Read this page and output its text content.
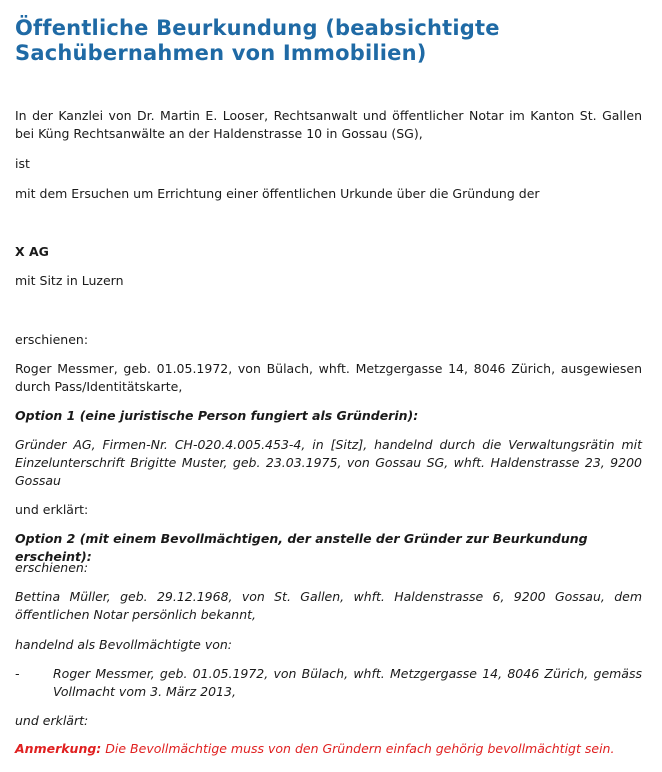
Öffentliche Beurkundung (beabsichtigte Sachübernahmen von Immobilien)

In der Kanzlei von Dr. Martin E. Looser, Rechtsanwalt und öffentlicher Notar im Kanton St. Gallen bei Küng Rechtsanwälte an der Haldenstrasse 10 in Gossau (SG),

ist

mit dem Ersuchen um Errichtung einer öffentlichen Urkunde über die Gründung der

X AG

mit Sitz in Luzern

erschienen:

Roger Messmer, geb. 01.05.1972, von Bülach, whft. Metzgergasse 14, 8046 Zürich, ausgewiesen durch Pass/Identitätskarte,

Option 1 (eine juristische Person fungiert als Gründerin):

Gründer AG, Firmen-Nr. CH-020.4.005.453-4, in [Sitz], handelnd durch die Verwaltungsrätin mit Einzelunterschrift Brigitte Muster, geb. 23.03.1975, von Gossau SG, whft. Haldenstrasse 23, 9200 Gossau

und erklärt:

Option 2 (mit einem Bevollmächtigen, der anstelle der Gründer zur Beurkundung erscheint):

erschienen:

Bettina Müller, geb. 29.12.1968, von St. Gallen, whft. Haldenstrasse 6, 9200 Gossau, dem öffentlichen Notar persönlich bekannt,

handelnd als Bevollmächtigte von:

-	Roger Messmer, geb. 01.05.1972, von Bülach, whft. Metzgergasse 14, 8046 Zürich, gemäss Vollmacht vom 3. März 2013,

und erklärt:

Anmerkung: Die Bevollmächtige muss von den Gründern einfach gehörig bevollmächtigt sein.
